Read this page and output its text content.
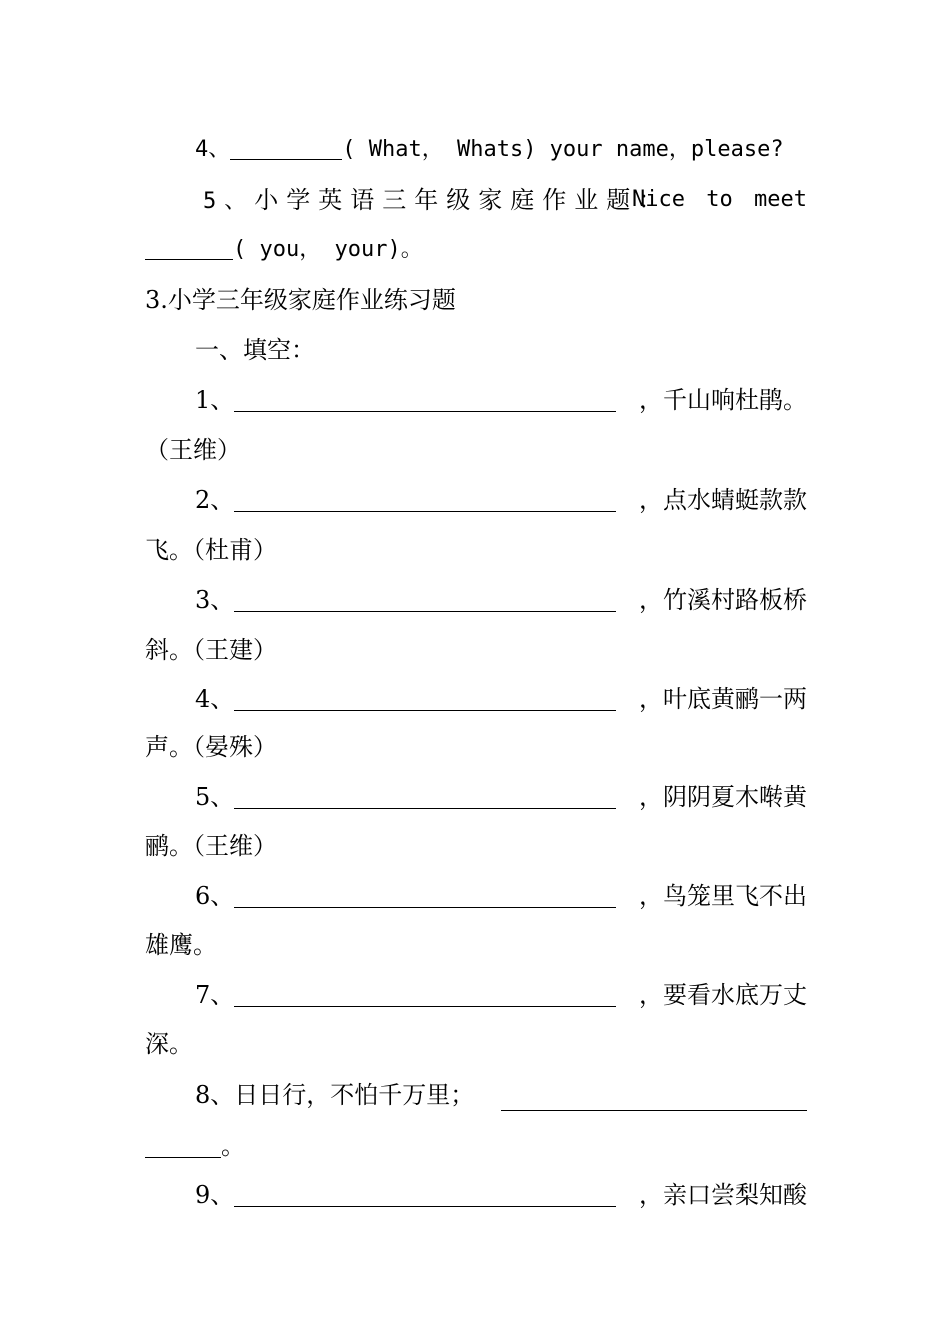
4、	( What， Whats) your name，please?
5、小学英语三年级家庭作业题：
Nice to meet
( you， your)。
3.小学三年级家庭作业练习题
一、填空：
1、	，千山响杜鹃。
（王维）
2、	，点水蜻蜓款款
飞。（杜甫）
3、	，竹溪村路板桥
斜。（王建）
4、	，叶底黄鹂一两
声。（晏殊）
5、	，阴阴夏木啭黄
鹂。（王维）
6、	，鸟笼里飞不出
雄鹰。
7、	，要看水底万丈
深。
8、日日行，不怕千万里；
。
9、	，亲口尝梨知酸
